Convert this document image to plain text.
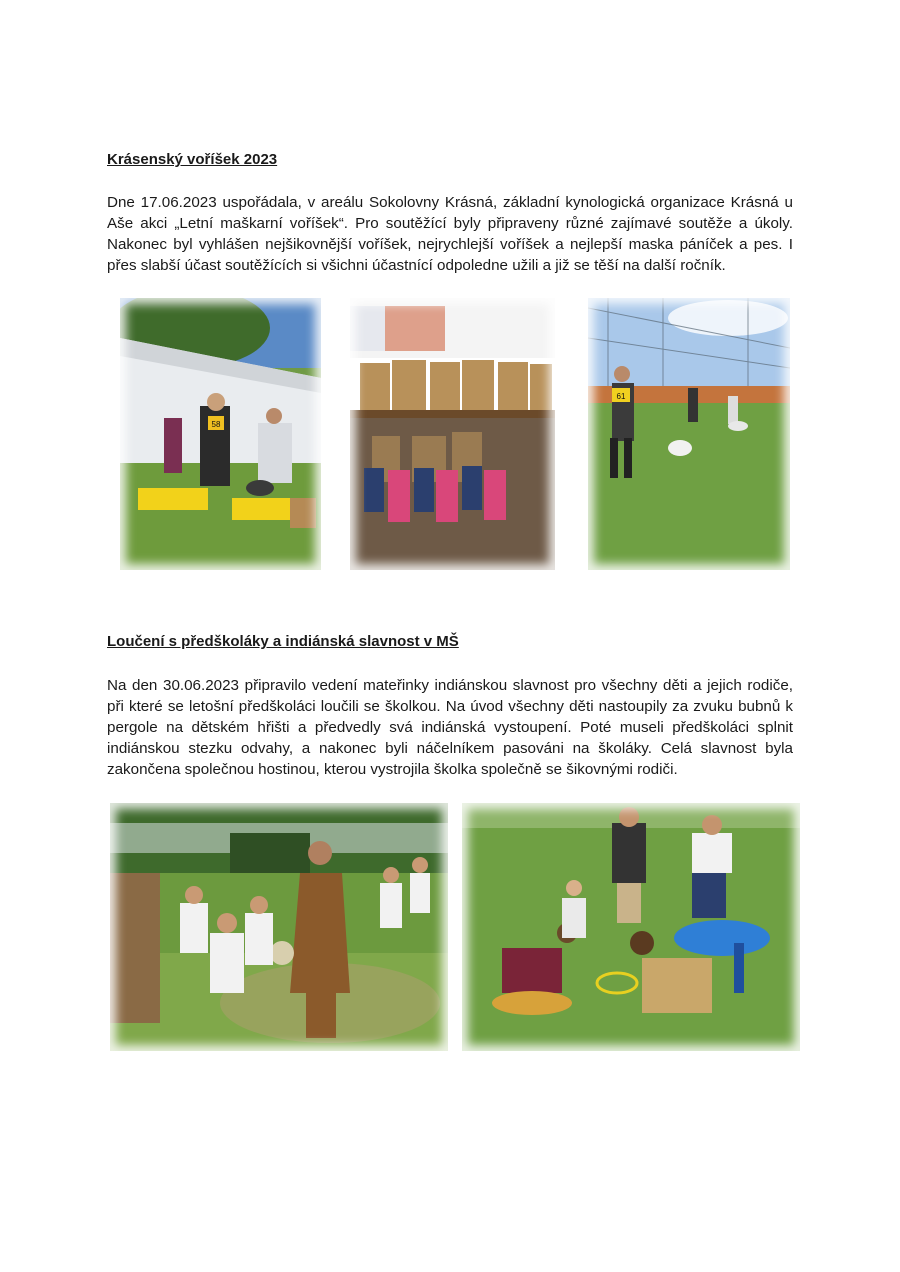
Krásenský voříšek 2023

Dne 17.06.2023 uspořádala, v areálu Sokolovny Krásná, základní kynologická organizace Krásná u Aše akci „Letní maškarní voříšek“. Pro soutěžící byly připraveny různé zajímavé soutěže a úkoly. Nakonec byl vyhlášen nejšikovnější voříšek, nejrychlejší voříšek a nejlepší maska páníček a pes. I přes slabší účast soutěžících si všichni účastnící odpoledne užili a již se těší na další ročník.

58
61
Loučení s předškoláky a indiánská slavnost v MŠ

Na den 30.06.2023 připravilo vedení mateřinky indiánskou slavnost pro všechny děti a jejich rodiče, při které se letošní předškoláci loučili se školkou. Na úvod všechny děti nastoupily za zvuku bubnů k pergole na dětském hřišti a předvedly svá indiánská vystoupení. Poté museli předškoláci splnit indiánskou stezku odvahy, a nakonec byli náčelníkem pasováni na školáky. Celá slavnost byla zakončena společnou hostinou, kterou vystrojila školka společně se šikovnými rodiči.
